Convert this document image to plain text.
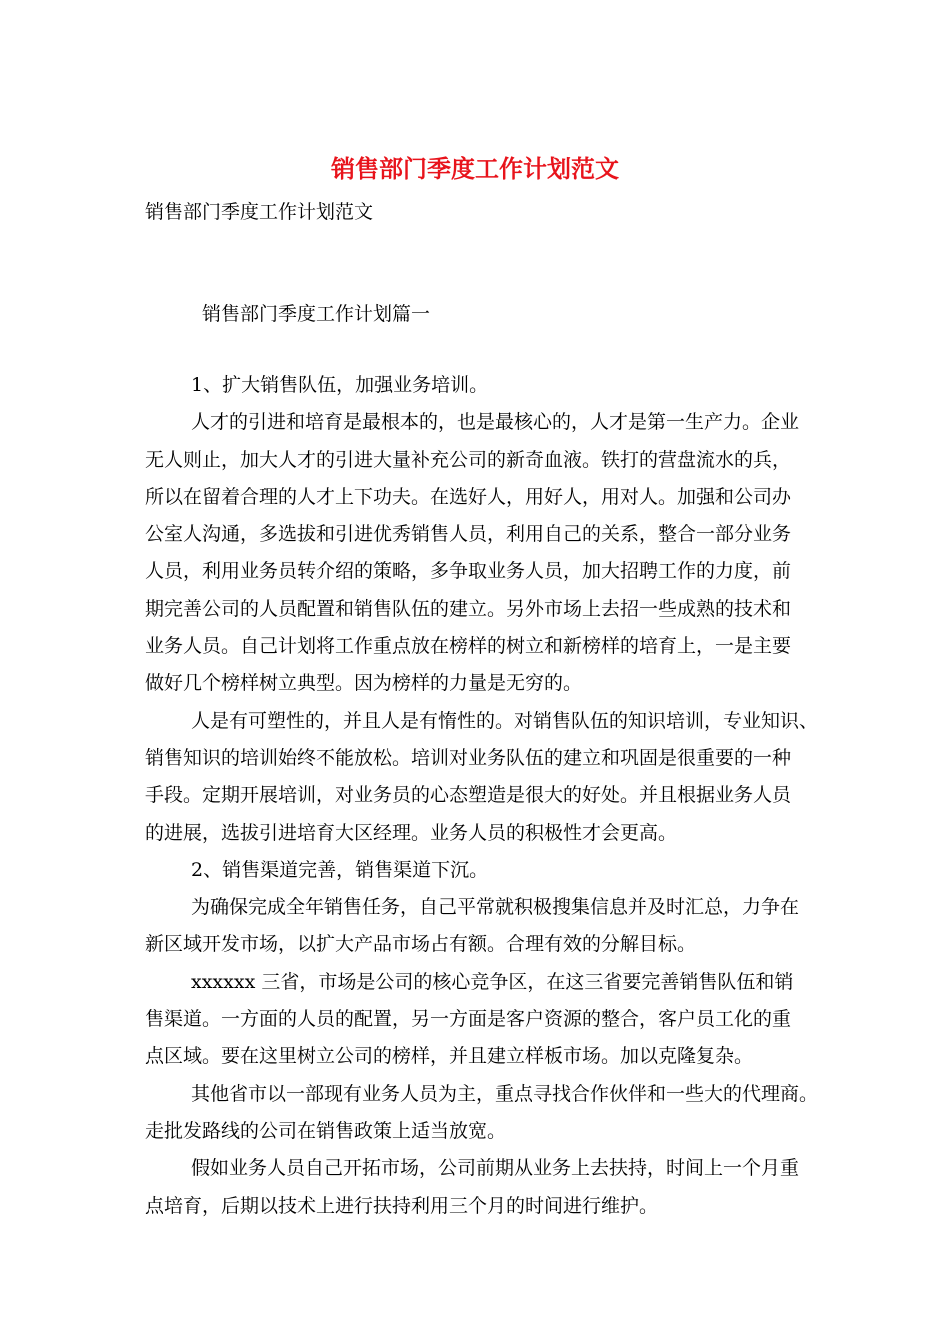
销售部门季度工作计划范文

销售部门季度工作计划范文

销售部门季度工作计划篇一

1、扩大销售队伍，加强业务培训。
人才的引进和培育是最根本的，也是最核心的，人才是第一生产力。企业
无人则止，加大人才的引进大量补充公司的新奇血液。铁打的营盘流水的兵，
所以在留着合理的人才上下功夫。在选好人，用好人，用对人。加强和公司办
公室人沟通，多选拔和引进优秀销售人员，利用自己的关系，整合一部分业务
人员，利用业务员转介绍的策略，多争取业务人员，加大招聘工作的力度，前
期完善公司的人员配置和销售队伍的建立。另外市场上去招一些成熟的技术和
业务人员。自己计划将工作重点放在榜样的树立和新榜样的培育上，一是主要
做好几个榜样树立典型。因为榜样的力量是无穷的。
人是有可塑性的，并且人是有惰性的。对销售队伍的知识培训，专业知识、
销售知识的培训始终不能放松。培训对业务队伍的建立和巩固是很重要的一种
手段。定期开展培训，对业务员的心态塑造是很大的好处。并且根据业务人员
的进展，选拔引进培育大区经理。业务人员的积极性才会更高。
2、销售渠道完善，销售渠道下沉。
为确保完成全年销售任务，自己平常就积极搜集信息并及时汇总，力争在
新区域开发市场，以扩大产品市场占有额。合理有效的分解目标。
xxxxxx 三省，市场是公司的核心竞争区，在这三省要完善销售队伍和销
售渠道。一方面的人员的配置，另一方面是客户资源的整合，客户员工化的重
点区域。要在这里树立公司的榜样，并且建立样板市场。加以克隆复杂。
其他省市以一部现有业务人员为主，重点寻找合作伙伴和一些大的代理商。
走批发路线的公司在销售政策上适当放宽。
假如业务人员自己开拓市场，公司前期从业务上去扶持，时间上一个月重
点培育，后期以技术上进行扶持利用三个月的时间进行维护。
